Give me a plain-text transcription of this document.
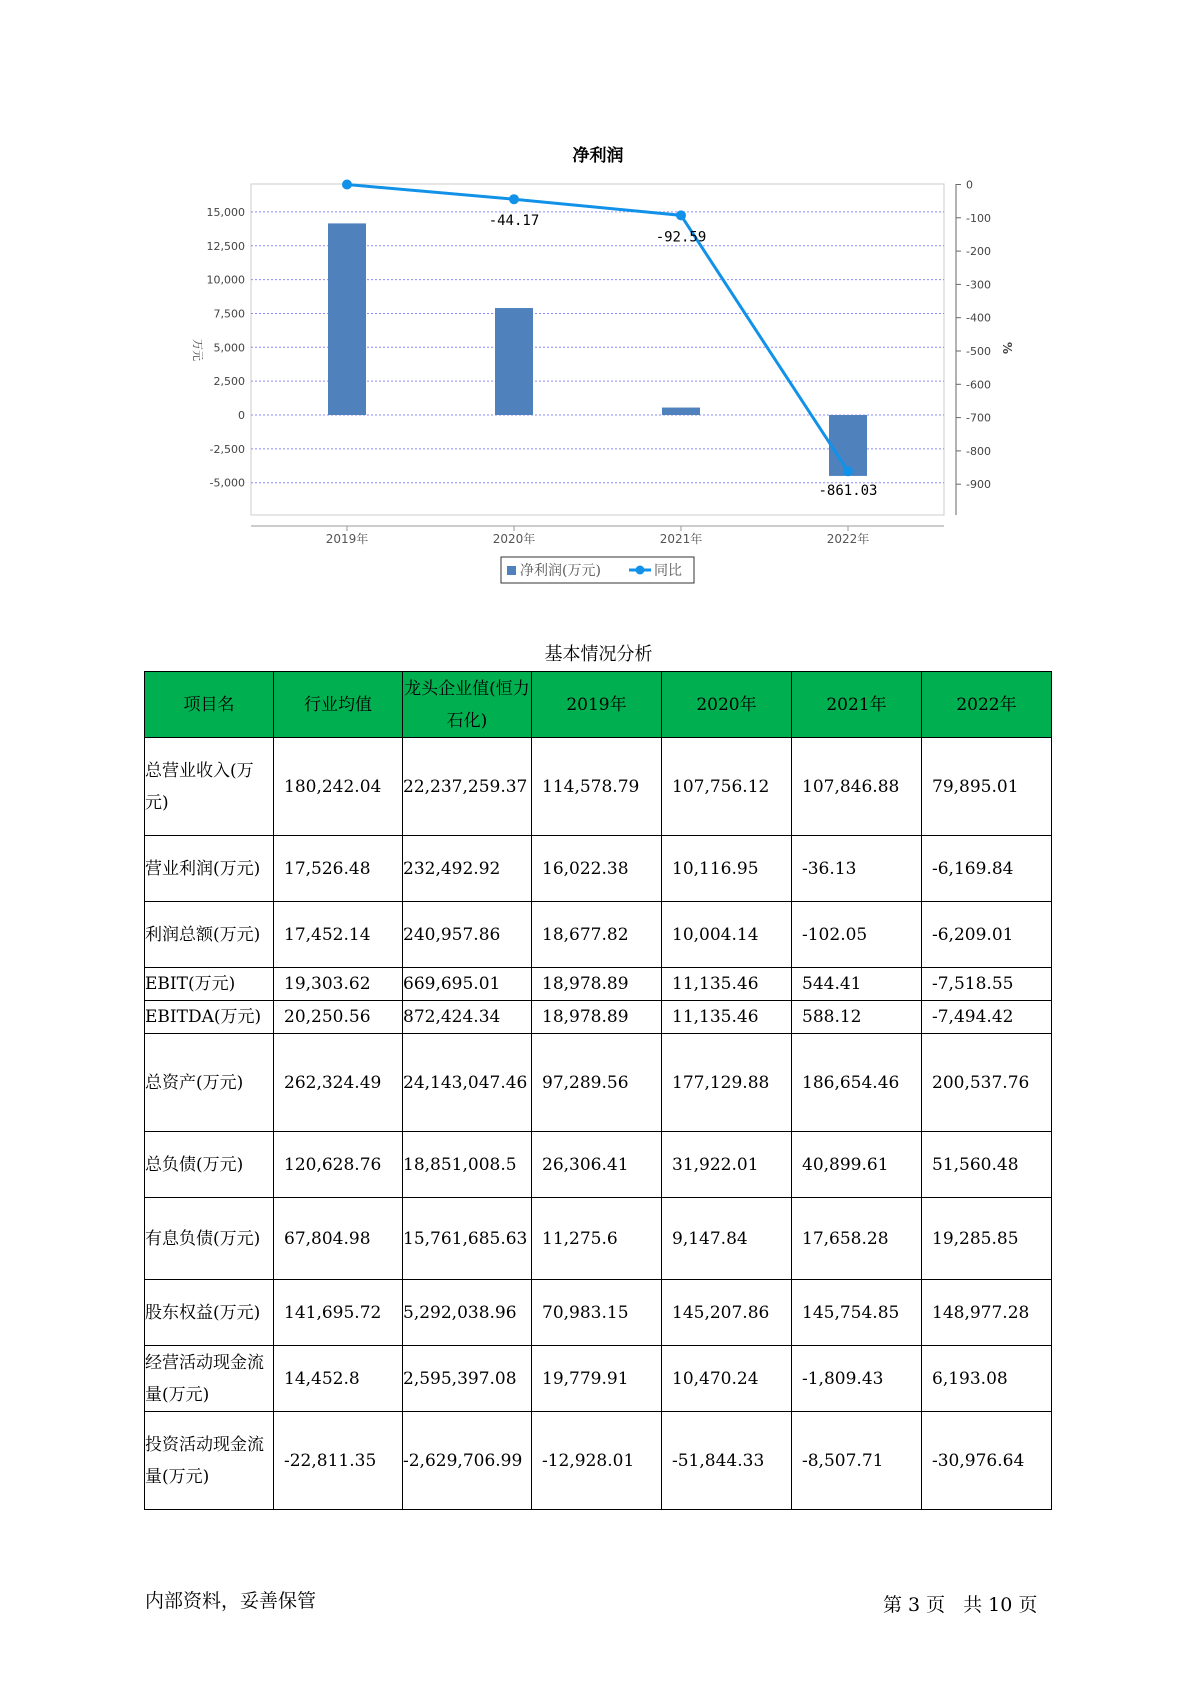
15,000
12,500
10,000
7,500
5,000
2,500
0
-2,500
-5,000
0
-100
-200
-300
-400
-500
-600
-700
-800
-900
2019年	2020年	2021年	2022年
-44.17
-92.59
-861.03
净利润
万元	%
净利润(万元)	同比
基本情况分析
项目名	行业均值	龙头企业值(恒力石化)	2019年	2020年	2021年	2022年
总营业收入(万元)	180,242.04	22,237,259.37	114,578.79	107,756.12	107,846.88	79,895.01
营业利润(万元)	17,526.48	232,492.92	16,022.38	10,116.95	-36.13	-6,169.84
利润总额(万元)	17,452.14	240,957.86	18,677.82	10,004.14	-102.05	-6,209.01
EBIT(万元)	19,303.62	669,695.01	18,978.89	11,135.46	544.41	-7,518.55
EBITDA(万元)	20,250.56	872,424.34	18,978.89	11,135.46	588.12	-7,494.42
总资产(万元)	262,324.49	24,143,047.46	97,289.56	177,129.88	186,654.46	200,537.76
总负债(万元)	120,628.76	18,851,008.5	26,306.41	31,922.01	40,899.61	51,560.48
有息负债(万元)	67,804.98	15,761,685.63	11,275.6	9,147.84	17,658.28	19,285.85
股东权益(万元)	141,695.72	5,292,038.96	70,983.15	145,207.86	145,754.85	148,977.28
经营活动现金流量(万元)	14,452.8	2,595,397.08	19,779.91	10,470.24	-1,809.43	6,193.08
投资活动现金流量(万元)	-22,811.35	-2,629,706.99	-12,928.01	-51,844.33	-8,507.71	-30,976.64
内部资料，妥善保管	第 3 页 共 10 页
